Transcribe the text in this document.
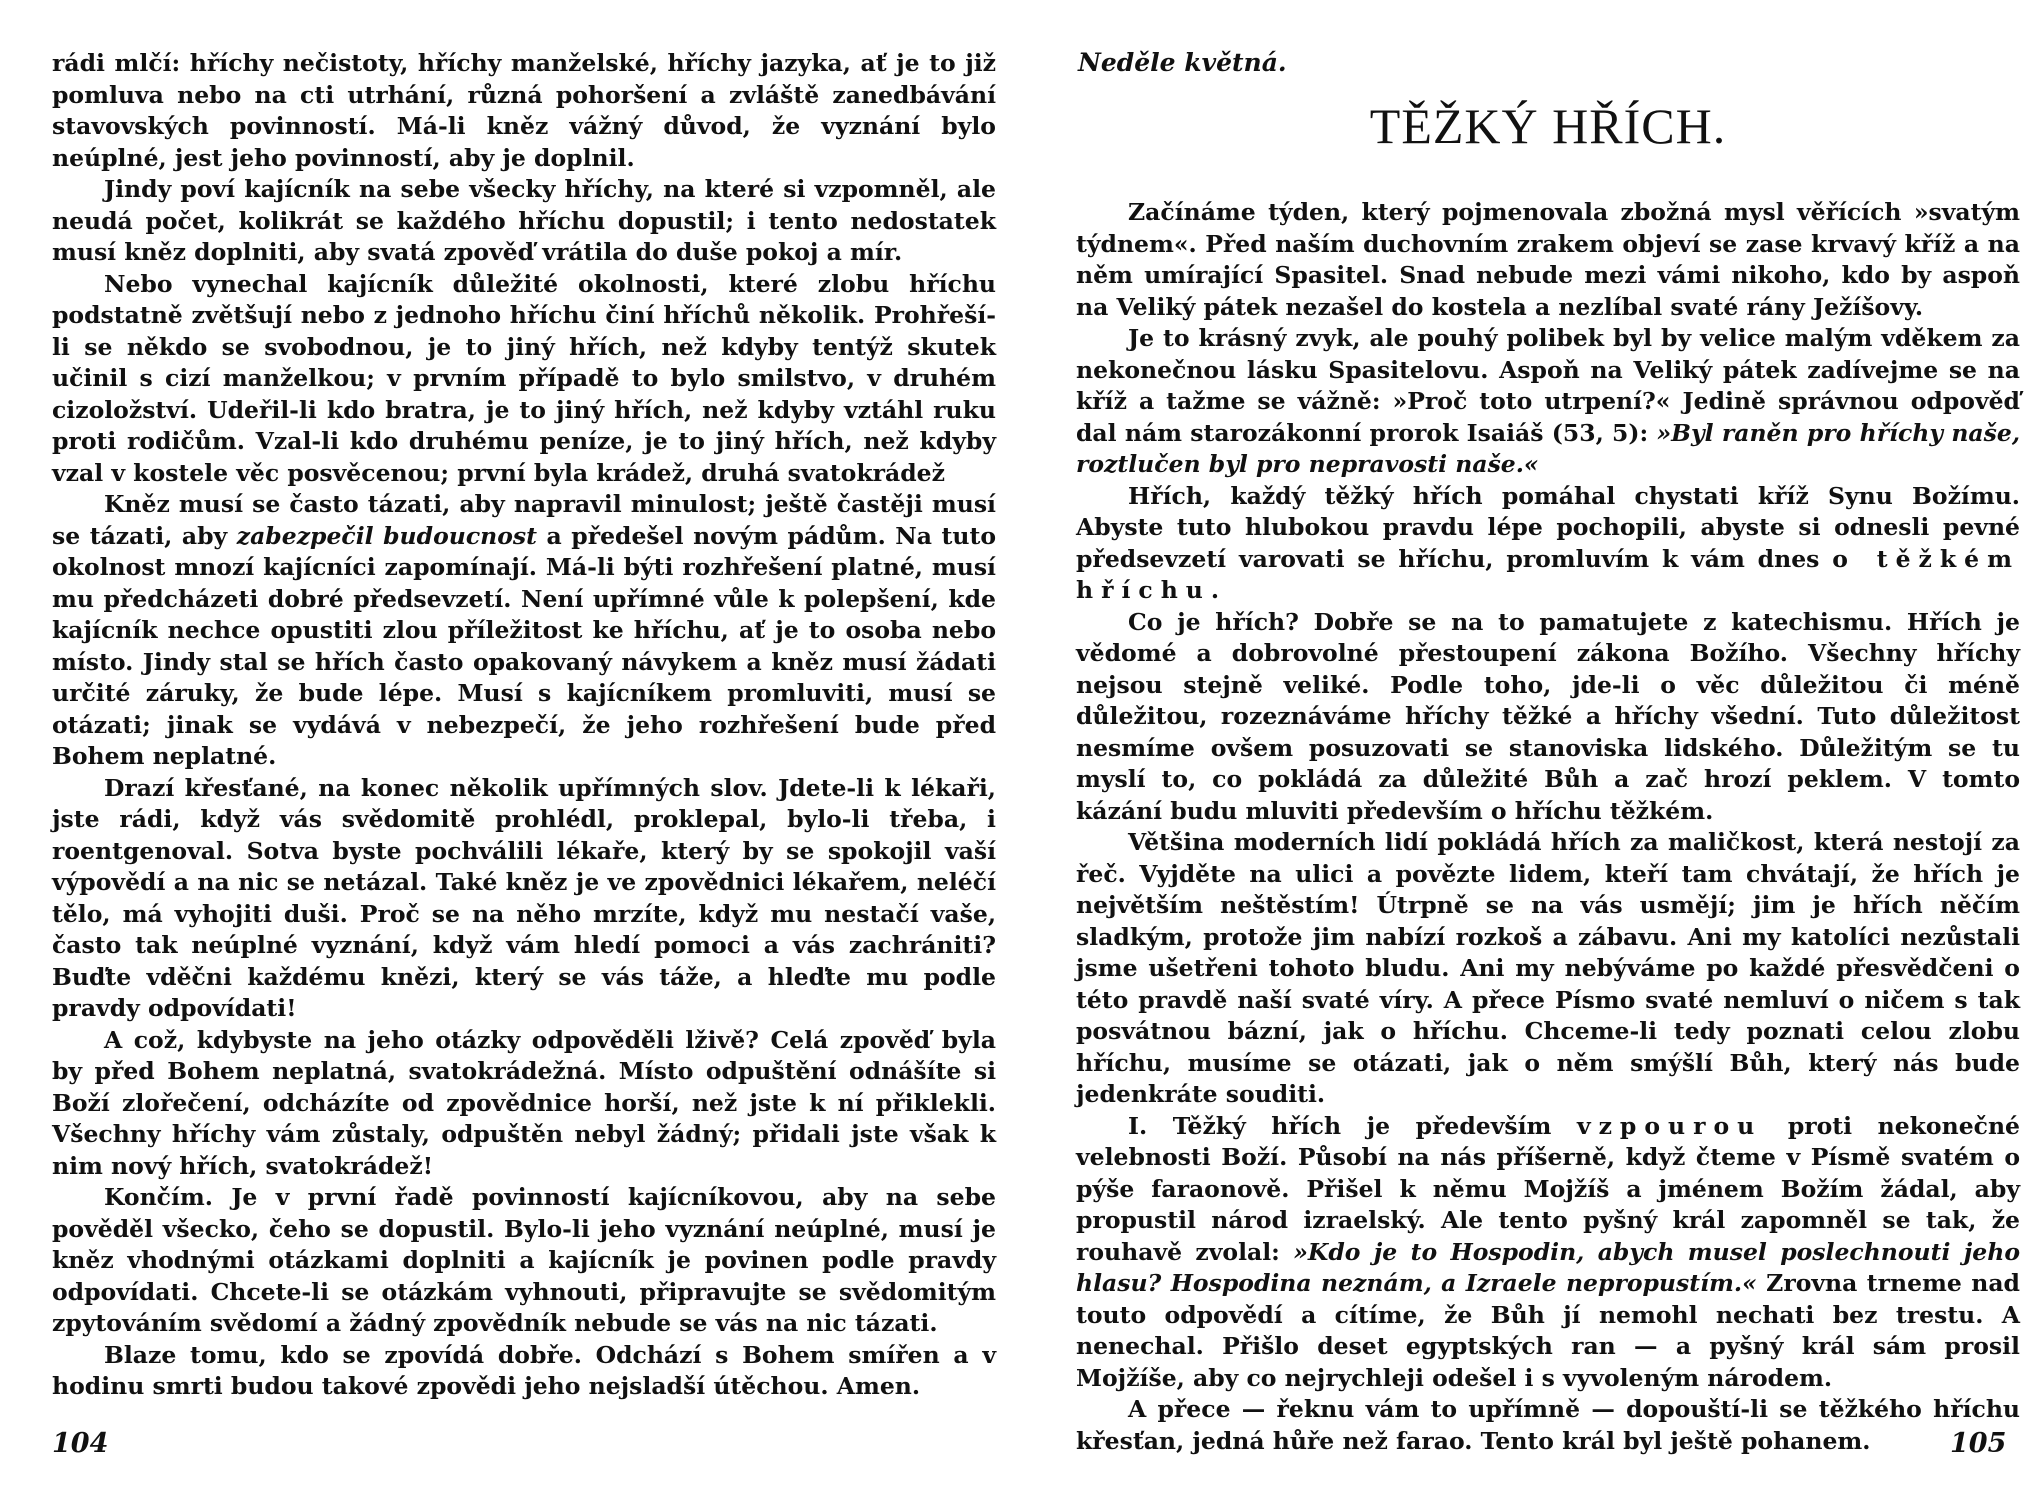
rádi mlčí: hříchy nečistoty, hříchy manželské, hříchy jazyka, ať je to již pomluva nebo na cti utrhání, různá pohoršení a zvláště zanedbávání stavovských povinností. Má-li kněz vážný důvod, že vyznání bylo neúplné, jest jeho povinností, aby je doplnil.

Jindy poví kajícník na sebe všecky hříchy, na které si vzpomněl, ale neudá počet, kolikrát se každého hříchu dopustil; i tento nedostatek musí kněz doplniti, aby svatá zpověď vrátila do duše pokoj a mír.

Nebo vynechal kajícník důležité okolnosti, které zlobu hříchu podstatně zvětšují nebo z jednoho hříchu činí hříchů několik. Prohřeší-li se někdo se svobodnou, je to jiný hřích, než kdyby tentýž skutek učinil s cizí manželkou; v prvním případě to bylo smilstvo, v druhém cizoložství. Udeřil-li kdo bratra, je to jiný hřích, než kdyby vztáhl ruku proti rodičům. Vzal-li kdo druhému peníze, je to jiný hřích, než kdyby vzal v kostele věc posvěcenou; první byla krádež, druhá svatokrádež

Kněz musí se často tázati, aby napravil minulost; ještě častěji musí se tázati, aby zabezpečil budoucnost a předešel novým pádům. Na tuto okolnost mnozí kajícníci zapomínají. Má-li býti rozhřešení platné, musí mu předcházeti dobré předsevzetí. Není upřímné vůle k polepšení, kde kajícník nechce opustiti zlou příležitost ke hříchu, ať je to osoba nebo místo. Jindy stal se hřích často opakovaný návykem a kněz musí žádati určité záruky, že bude lépe. Musí s kajícníkem promluviti, musí se otázati; jinak se vydává v nebezpečí, že jeho rozhřešení bude před Bohem neplatné.

Drazí křesťané, na konec několik upřímných slov. Jdete-li k lékaři, jste rádi, když vás svědomitě prohlédl, proklepal, bylo-li třeba, i roentgenoval. Sotva byste pochválili lékaře, který by se spokojil vaší výpovědí a na nic se netázal. Také kněz je ve zpovědnici lékařem, neléčí tělo, má vyhojiti duši. Proč se na něho mrzíte, když mu nestačí vaše, často tak neúplné vyznání, když vám hledí pomoci a vás zachrániti? Buďte vděčni každému knězi, který se vás táže, a hleďte mu podle pravdy odpovídati!

A což, kdybyste na jeho otázky odpověděli lživě? Celá zpověď byla by před Bohem neplatná, svatokrádežná. Místo odpuštění odnášíte si Boží zlořečení, odcházíte od zpovědnice horší, než jste k ní přiklekli. Všechny hříchy vám zůstaly, odpuštěn nebyl žádný; přidali jste však k nim nový hřích, svatokrádež!

Končím. Je v první řadě povinností kajícníkovou, aby na sebe pověděl všecko, čeho se dopustil. Bylo-li jeho vyznání neúplné, musí je kněz vhodnými otázkami doplniti a kajícník je povinen podle pravdy odpovídati. Chcete-li se otázkám vyhnouti, připravujte se svědomitým zpytováním svědomí a žádný zpovědník nebude se vás na nic tázati.

Blaze tomu, kdo se zpovídá dobře. Odchází s Bohem smířen a v hodinu smrti budou takové zpovědi jeho nejsladší útěchou. Amen.

Neděle květná.
TĚŽKÝ HŘÍCH.

Začínáme týden, který pojmenovala zbožná mysl věřících »svatým týdnem«. Před naším duchovním zrakem objeví se zase krvavý kříž a na něm umírající Spasitel. Snad nebude mezi vámi nikoho, kdo by aspoň na Veliký pátek nezašel do kostela a nezlíbal svaté rány Ježíšovy.

Je to krásný zvyk, ale pouhý polibek byl by velice malým vděkem za nekonečnou lásku Spasitelovu. Aspoň na Veliký pátek zadívejme se na kříž a tažme se vážně: »Proč toto utrpení?« Jedině správnou odpověď dal nám starozákonní prorok Isaiáš (53, 5): »Byl raněn pro hříchy naše, roztlučen byl pro nepravosti naše.«

Hřích, každý těžký hřích pomáhal chystati kříž Synu Božímu. Abyste tuto hlubokou pravdu lépe pochopili, abyste si odnesli pevné předsevzetí varovati se hříchu, promluvím k vám dnes o těžkém hříchu.

Co je hřích? Dobře se na to pamatujete z katechismu. Hřích je vědomé a dobrovolné přestoupení zákona Božího. Všechny hříchy nejsou stejně veliké. Podle toho, jde-li o věc důležitou či méně důležitou, rozeznáváme hříchy těžké a hříchy všední. Tuto důležitost nesmíme ovšem posuzovati se stanoviska lidského. Důležitým se tu myslí to, co pokládá za důležité Bůh a zač hrozí peklem. V tomto kázání budu mluviti především o hříchu těžkém.

Většina moderních lidí pokládá hřích za maličkost, která nestojí za řeč. Vyjděte na ulici a povězte lidem, kteří tam chvátají, že hřích je největším neštěstím! Útrpně se na vás usmějí; jim je hřích něčím sladkým, protože jim nabízí rozkoš a zábavu. Ani my katolíci nezůstali jsme ušetřeni tohoto bludu. Ani my nebýváme po každé přesvědčeni o této pravdě naší svaté víry. A přece Písmo svaté nemluví o ničem s tak posvátnou bázní, jak o hříchu. Chceme-li tedy poznati celou zlobu hříchu, musíme se otázati, jak o něm smýšlí Bůh, který nás bude jedenkráte souditi.

I. Těžký hřích je především vzpourou proti nekonečné velebnosti Boží. Působí na nás příšerně, když čteme v Písmě svatém o pýše faraonově. Přišel k němu Mojžíš a jménem Božím žádal, aby propustil národ izraelský. Ale tento pyšný král zapomněl se tak, že rouhavě zvolal: »Kdo je to Hospodin, abych musel poslechnouti jeho hlasu? Hospodina neznám, a Izraele nepropustím.« Zrovna trneme nad touto odpovědí a cítíme, že Bůh jí nemohl nechati bez trestu. A nenechal. Přišlo deset egyptských ran — a pyšný král sám prosil Mojžíše, aby co nejrychleji odešel i s vyvoleným národem.

A přece — řeknu vám to upřímně — dopouští-li se těžkého hříchu křesťan, jedná hůře než farao. Tento král byl ještě pohanem.

104	105
